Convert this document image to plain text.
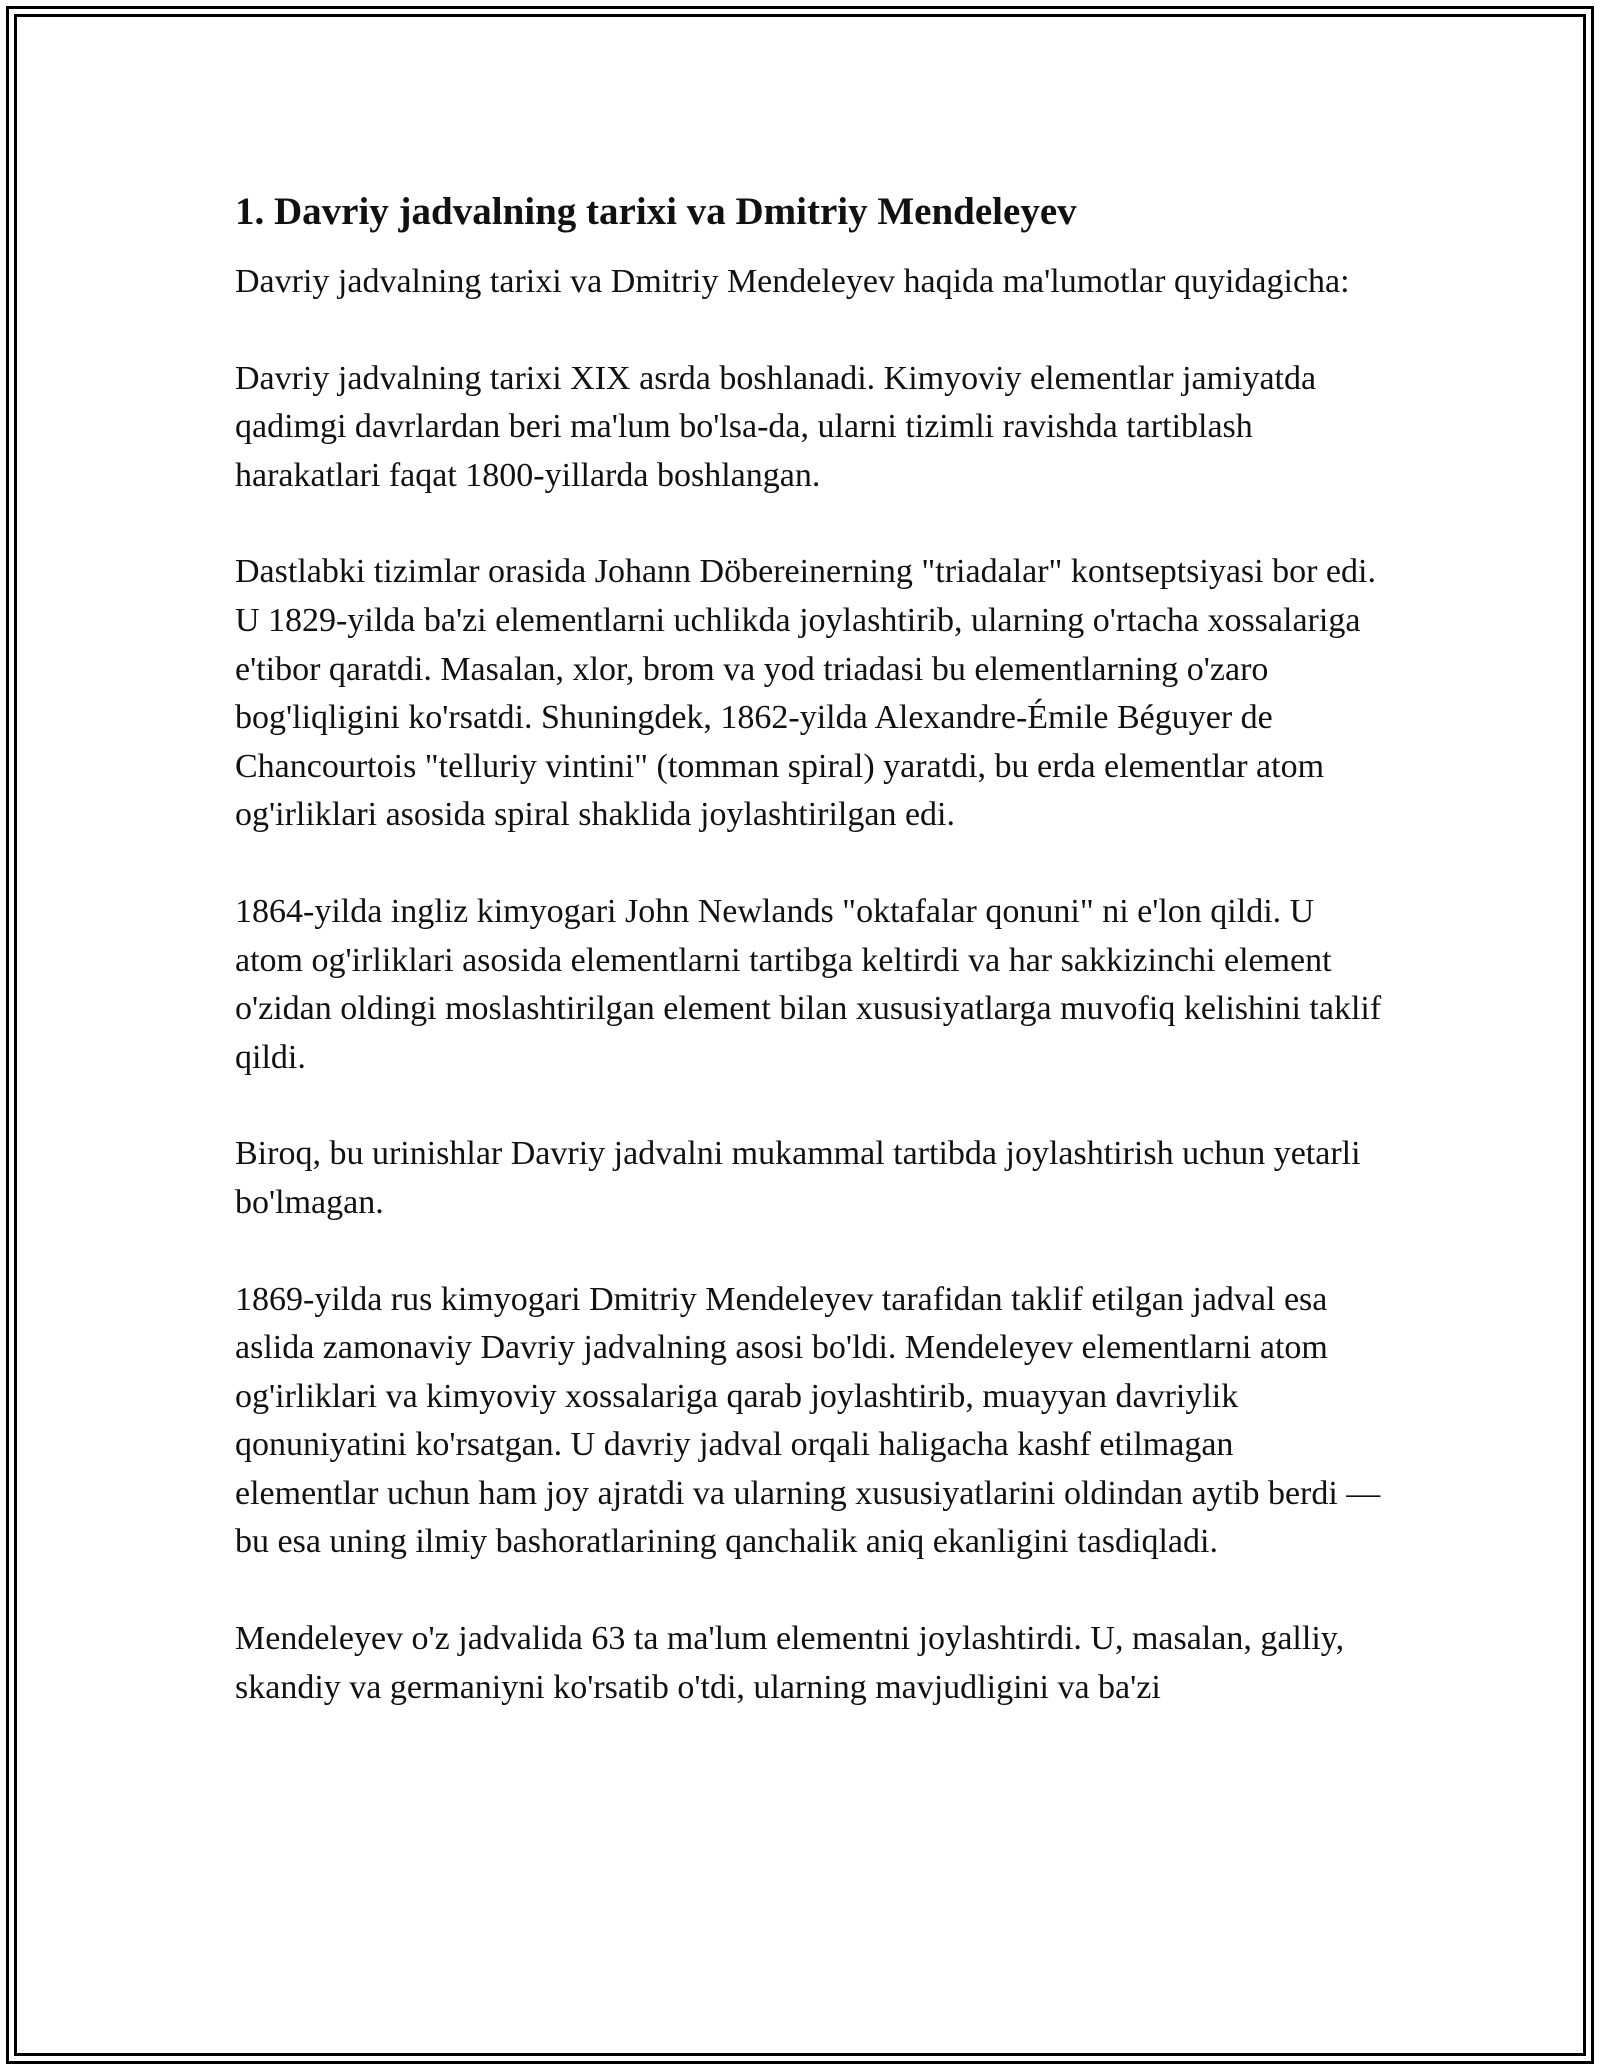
1. Davriy jadvalning tarixi va Dmitriy Mendeleyev

Davriy jadvalning tarixi va Dmitriy Mendeleyev haqida ma'lumotlar quyidagicha:

Davriy jadvalning tarixi XIX asrda boshlanadi. Kimyoviy elementlar jamiyatda qadimgi davrlardan beri ma'lum bo'lsa-da, ularni tizimli ravishda tartiblash harakatlari faqat 1800-yillarda boshlangan.

Dastlabki tizimlar orasida Johann Döbereinerning "triadalar" kontseptsiyasi bor edi. U 1829-yilda ba'zi elementlarni uchlikda joylashtirib, ularning o'rtacha xossalariga e'tibor qaratdi. Masalan, xlor, brom va yod triadasi bu elementlarning o'zaro bog'liqligini ko'rsatdi. Shuningdek, 1862-yilda Alexandre-Émile Béguyer de Chancourtois "telluriy vintini" (tomman spiral) yaratdi, bu erda elementlar atom og'irliklari asosida spiral shaklida joylashtirilgan edi.

1864-yilda ingliz kimyogari John Newlands "oktafalar qonuni" ni e'lon qildi. U atom og'irliklari asosida elementlarni tartibga keltirdi va har sakkizinchi element o'zidan oldingi moslashtirilgan element bilan xususiyatlarga muvofiq kelishini taklif qildi.

Biroq, bu urinishlar Davriy jadvalni mukammal tartibda joylashtirish uchun yetarli bo'lmagan.

1869-yilda rus kimyogari Dmitriy Mendeleyev tarafidan taklif etilgan jadval esa aslida zamonaviy Davriy jadvalning asosi bo'ldi. Mendeleyev elementlarni atom og'irliklari va kimyoviy xossalariga qarab joylashtirib, muayyan davriylik qonuniyatini ko'rsatgan. U davriy jadval orqali haligacha kashf etilmagan elementlar uchun ham joy ajratdi va ularning xususiyatlarini oldindan aytib berdi — bu esa uning ilmiy bashoratlarining qanchalik aniq ekanligini tasdiqladi.

Mendeleyev o'z jadvalida 63 ta ma'lum elementni joylashtirdi. U, masalan, galliy, skandiy va germaniyni ko'rsatib o'tdi, ularning mavjudligini va ba'zi
